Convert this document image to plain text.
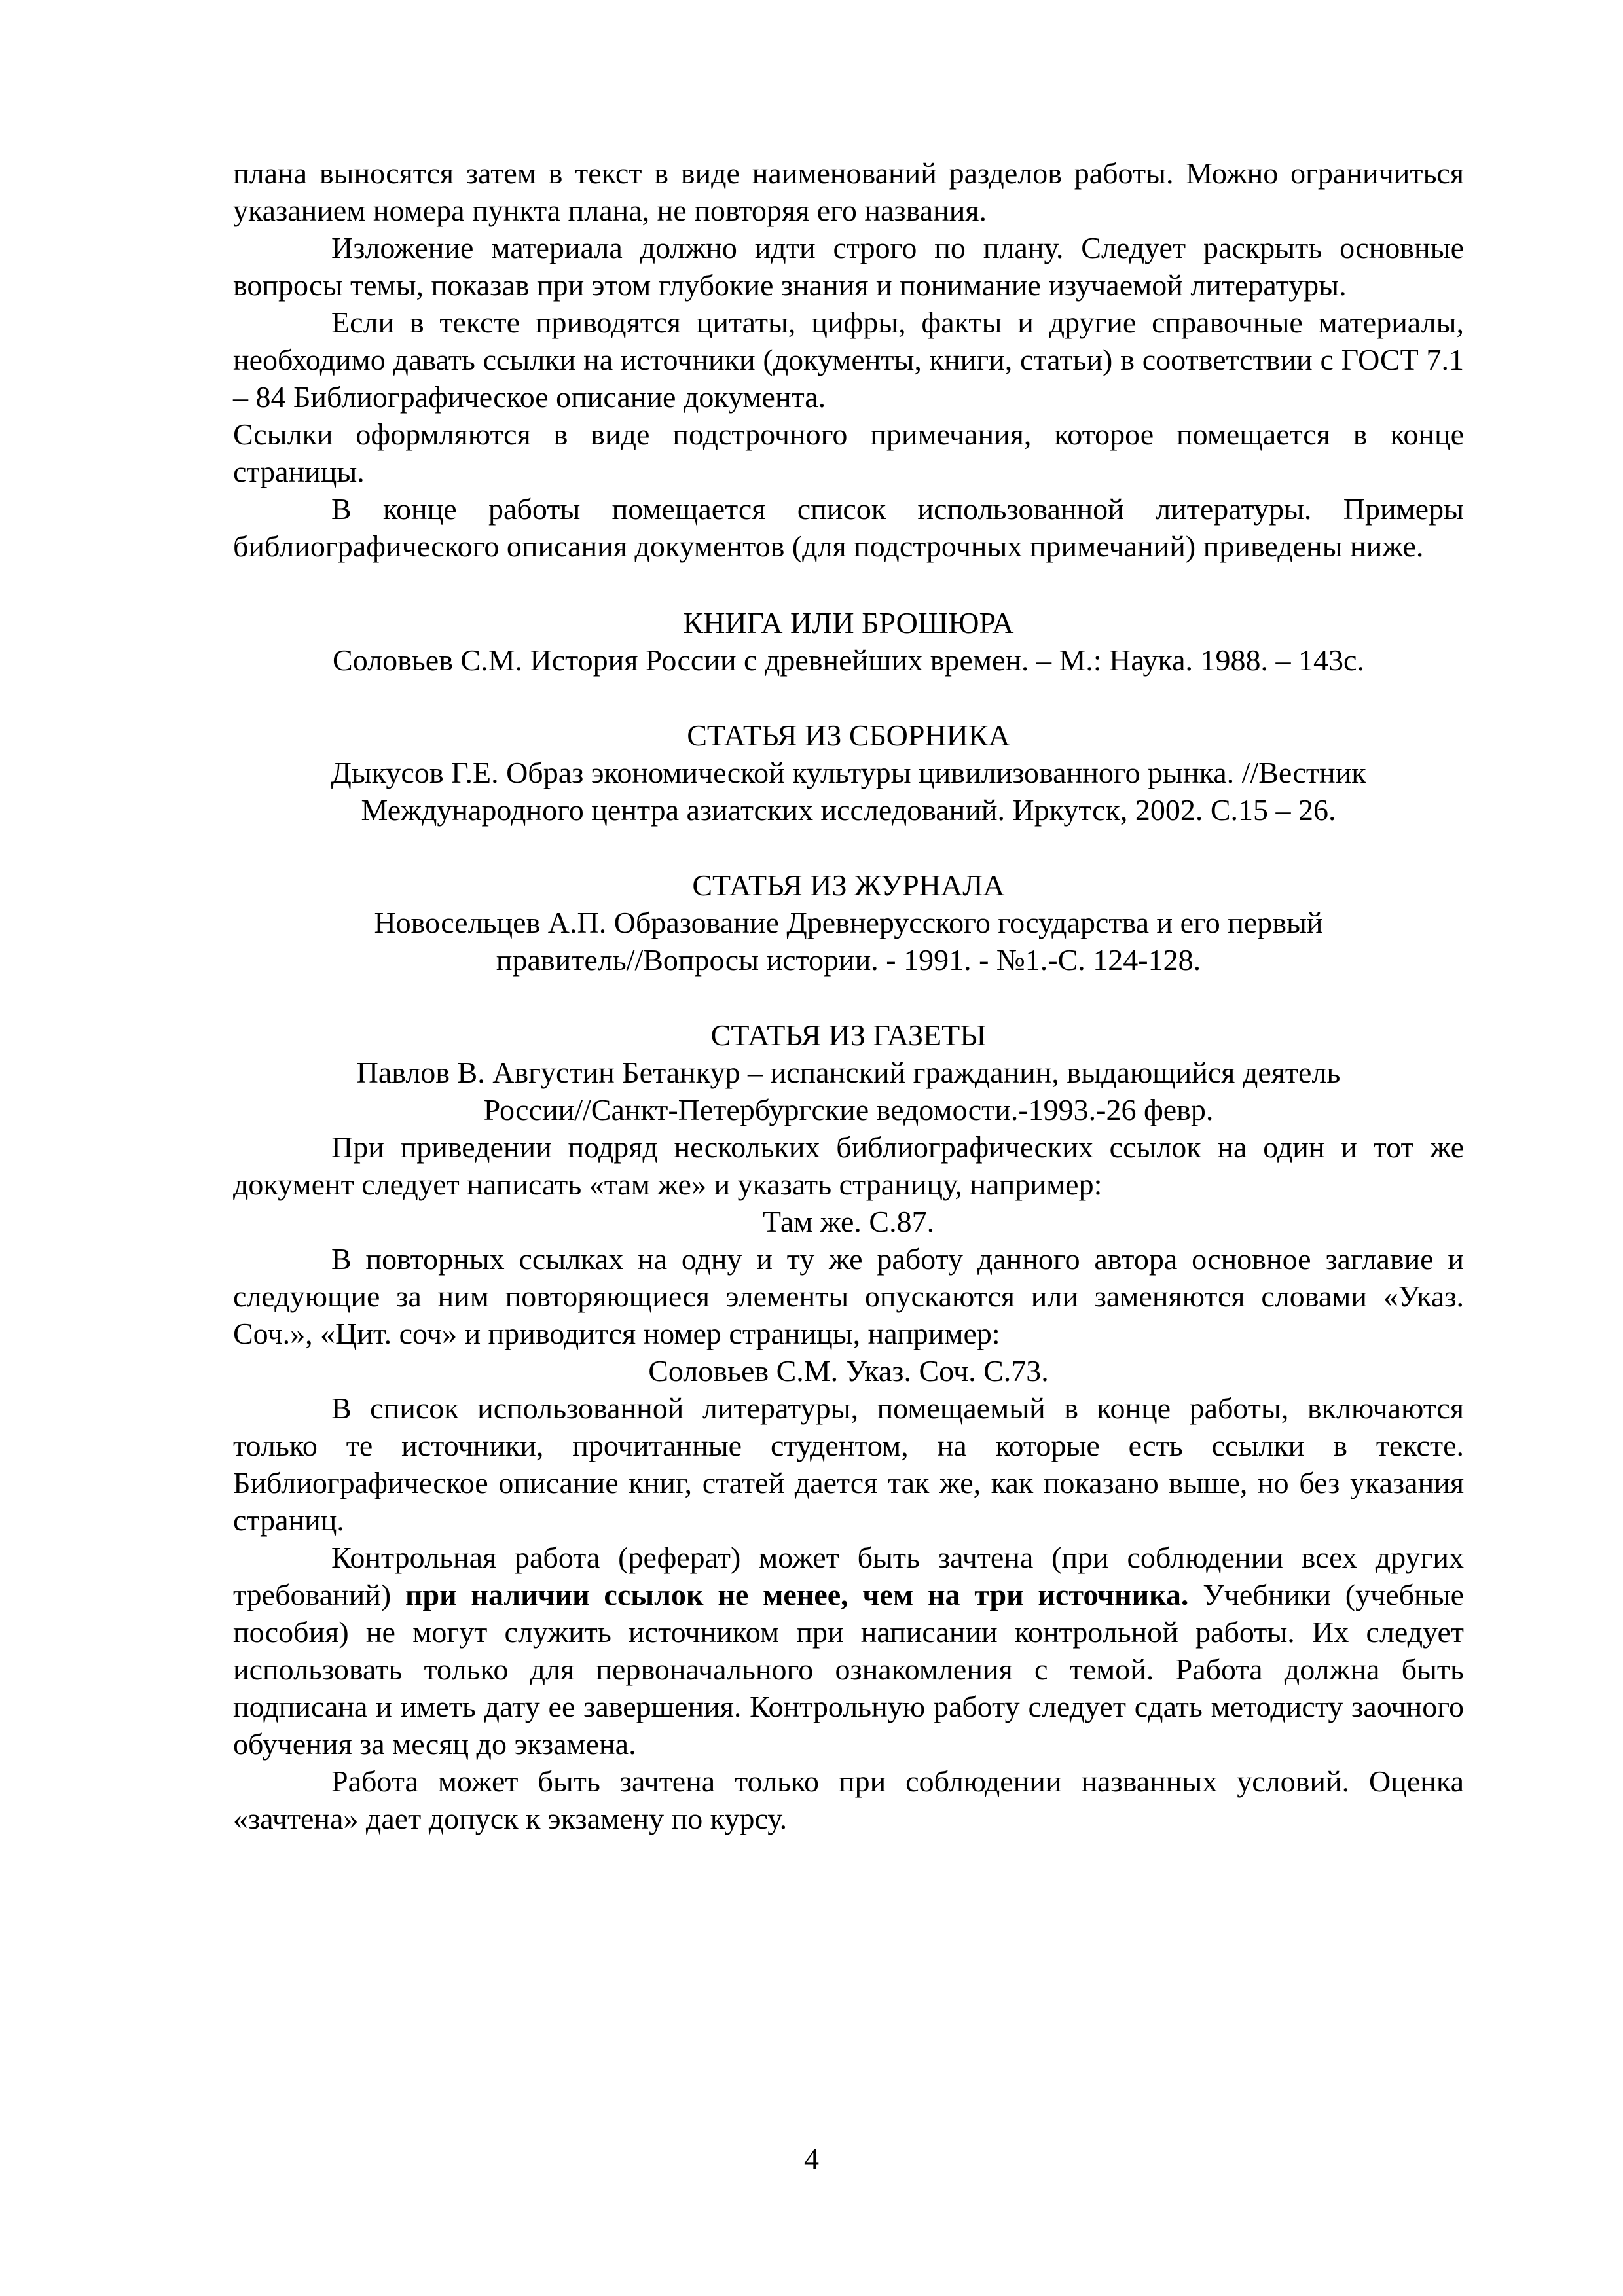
плана выносятся затем в текст в виде наименований разделов работы. Можно ограничиться указанием номера пункта плана, не повторяя его названия.

Изложение материала должно идти строго по плану. Следует раскрыть основные вопросы темы, показав при этом глубокие знания и понимание изучаемой литературы.

Если в тексте приводятся цитаты, цифры, факты и другие справочные материалы, необходимо давать ссылки на источники (документы, книги, статьи) в соответствии с ГОСТ 7.1 – 84 Библиографическое описание документа.

Ссылки оформляются в виде подстрочного примечания, которое помещается в конце страницы.

В конце работы помещается список использованной литературы. Примеры библиографического описания документов (для подстрочных примечаний) приведены ниже.

КНИГА ИЛИ БРОШЮРА

Соловьев С.М. История России с древнейших времен. – М.: Наука. 1988. – 143с.

СТАТЬЯ ИЗ СБОРНИКА

Дыкусов Г.Е. Образ экономической культуры цивилизованного рынка. //Вестник

Международного центра азиатских исследований. Иркутск, 2002. С.15 – 26.

СТАТЬЯ ИЗ ЖУРНАЛА

Новосельцев А.П. Образование Древнерусского государства и его первый

правитель//Вопросы истории. - 1991. - №1.-С. 124-128.

СТАТЬЯ ИЗ ГАЗЕТЫ

Павлов В. Августин Бетанкур – испанский гражданин, выдающийся деятель

России//Санкт-Петербургские ведомости.-1993.-26 февр.

При приведении подряд нескольких библиографических ссылок на один и тот же документ следует написать «там же» и указать страницу, например:

Там же. С.87.

В повторных ссылках на одну и ту же работу данного автора основное заглавие и следующие за ним повторяющиеся элементы опускаются или заменяются словами «Указ. Соч.», «Цит. соч» и приводится номер страницы, например:

Соловьев С.М. Указ. Соч. С.73.

В список использованной литературы, помещаемый в конце работы, включаются только те источники, прочитанные студентом, на которые есть ссылки в тексте. Библиографическое описание книг, статей дается так же, как показано выше, но без указания страниц.

Контрольная работа (реферат) может быть зачтена (при соблюдении всех других требований) при наличии ссылок не менее, чем на три источника. Учебники (учебные пособия) не могут служить источником при написании контрольной работы. Их следует использовать только для первоначального ознакомления с темой. Работа должна быть подписана и иметь дату ее завершения. Контрольную работу следует сдать методисту заочного обучения за месяц до экзамена.

Работа может быть зачтена только при соблюдении названных условий. Оценка «зачтена» дает допуск к экзамену по курсу.

4
